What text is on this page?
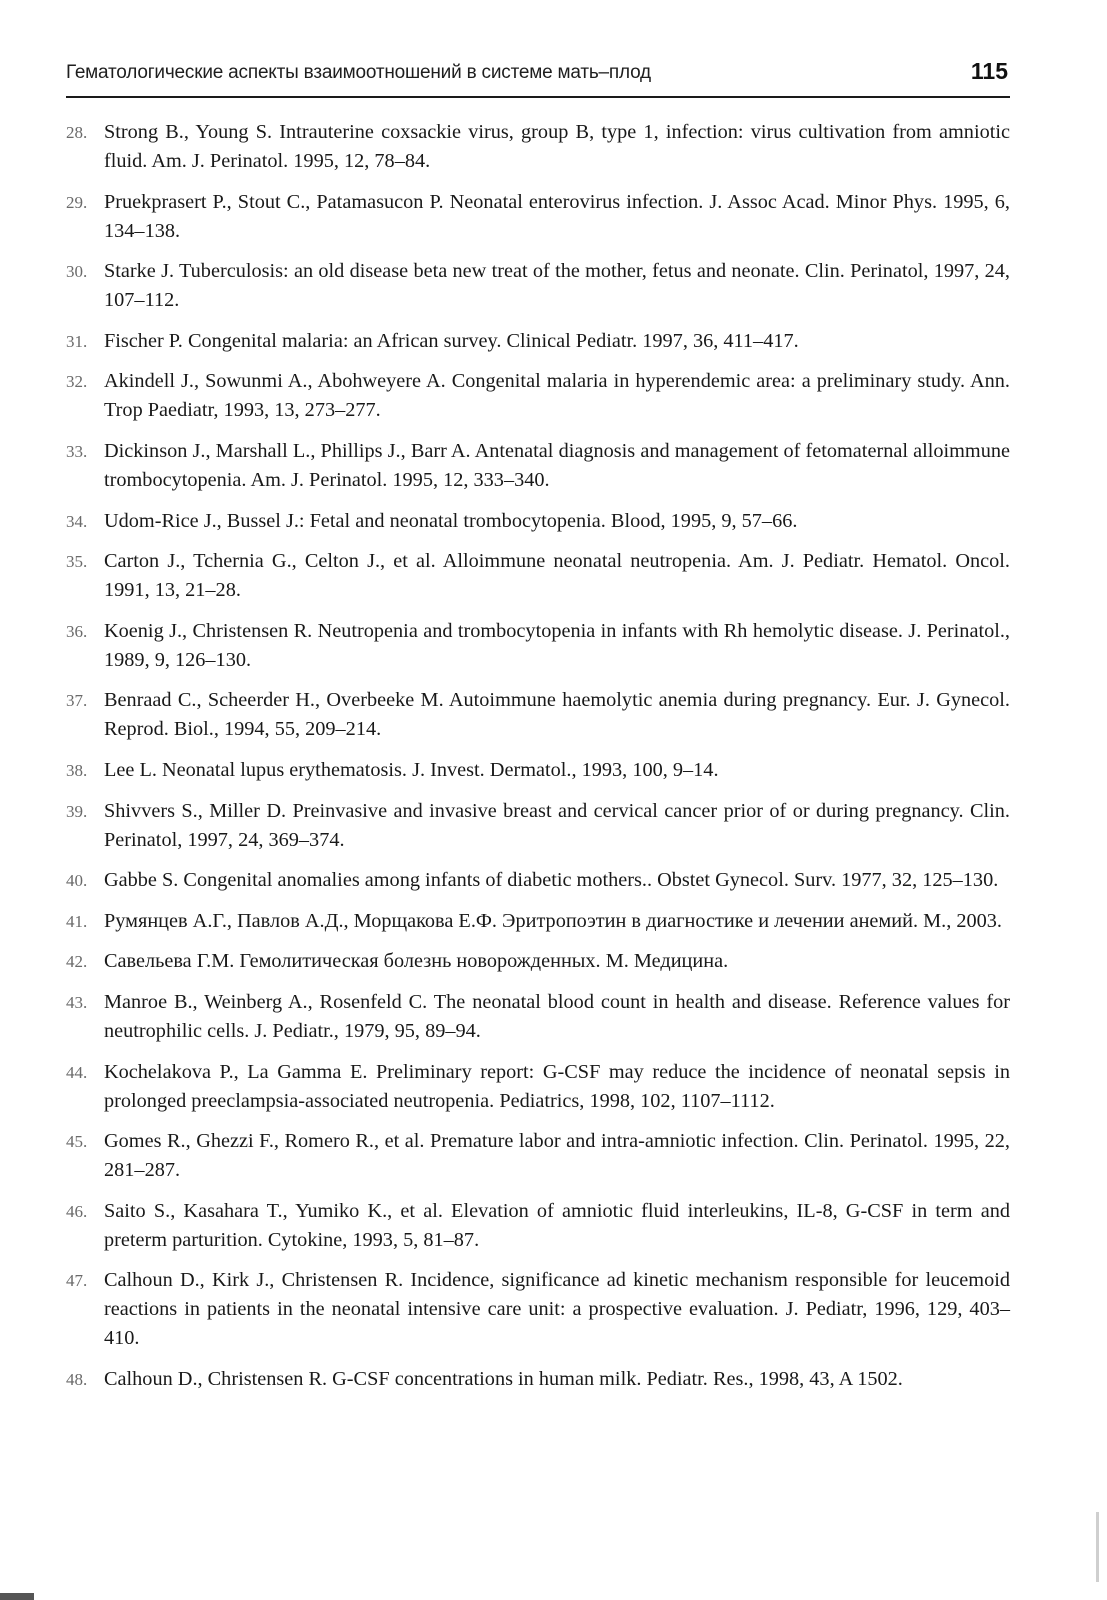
Гематологические аспекты взаимоотношений в системе мать–плод	115
28. Strong B., Young S. Intrauterine coxsackie virus, group B, type 1, infection: virus cultivation from amniotic fluid. Am. J. Perinatol. 1995, 12, 78–84.
29. Pruekprasert P., Stout C., Patamasucon P. Neonatal enterovirus infection. J. Assoc Acad. Minor Phys. 1995, 6, 134–138.
30. Starke J. Tuberculosis: an old disease beta new treat of the mother, fetus and neonate. Clin. Perinatol, 1997, 24, 107–112.
31. Fischer P. Congenital malaria: an African survey. Clinical Pediatr. 1997, 36, 411–417.
32. Akindell J., Sowunmi A., Abohweyere A. Congenital malaria in hyperendemic area: a preliminary study. Ann. Trop Paediatr, 1993, 13, 273–277.
33. Dickinson J., Marshall L., Phillips J., Barr A. Antenatal diagnosis and management of fetomaternal alloimmune trombocytopenia. Am. J. Perinatol. 1995, 12, 333–340.
34. Udom-Rice J., Bussel J.: Fetal and neonatal trombocytopenia. Blood, 1995, 9, 57–66.
35. Carton J., Tchernia G., Celton J., et al. Alloimmune neonatal neutropenia. Am. J. Pediatr. Hematol. Oncol. 1991, 13, 21–28.
36. Koenig J., Christensen R. Neutropenia and trombocytopenia in infants with Rh hemolytic disease. J. Perinatol., 1989, 9, 126–130.
37. Benraad C., Scheerder H., Overbeeke M. Autoimmune haemolytic anemia during pregnancy. Eur. J. Gynecol. Reprod. Biol., 1994, 55, 209–214.
38. Lee L. Neonatal lupus erythematosis. J. Invest. Dermatol., 1993, 100, 9–14.
39. Shivvers S., Miller D. Preinvasive and invasive breast and cervical cancer prior of or during pregnancy. Clin. Perinatol, 1997, 24, 369–374.
40. Gabbe S. Congenital anomalies among infants of diabetic mothers.. Obstet Gynecol. Surv. 1977, 32, 125–130.
41. Румянцев А.Г., Павлов А.Д., Морщакова Е.Ф. Эритропоэтин в диагностике и лечении анемий. М., 2003.
42. Савельева Г.М. Гемолитическая болезнь новорожденных. М. Медицина.
43. Manroe B., Weinberg A., Rosenfeld C. The neonatal blood count in health and disease. Reference values for neutrophilic cells. J. Pediatr., 1979, 95, 89–94.
44. Kochelakova P., La Gamma E. Preliminary report: G-CSF may reduce the incidence of neonatal sepsis in prolonged preeclampsia-associated neutropenia. Pediatrics, 1998, 102, 1107–1112.
45. Gomes R., Ghezzi F., Romero R., et al. Premature labor and intra-amniotic infection. Clin. Perinatol. 1995, 22, 281–287.
46. Saito S., Kasahara T., Yumiko K., et al. Elevation of amniotic fluid interleukins, IL-8, G-CSF in term and preterm parturition. Cytokine, 1993, 5, 81–87.
47. Calhoun D., Kirk J., Christensen R. Incidence, significance ad kinetic mechanism responsible for leucemoid reactions in patients in the neonatal intensive care unit: a prospective evaluation. J. Pediatr, 1996, 129, 403–410.
48. Calhoun D., Christensen R. G-CSF concentrations in human milk. Pediatr. Res., 1998, 43, A 1502.
